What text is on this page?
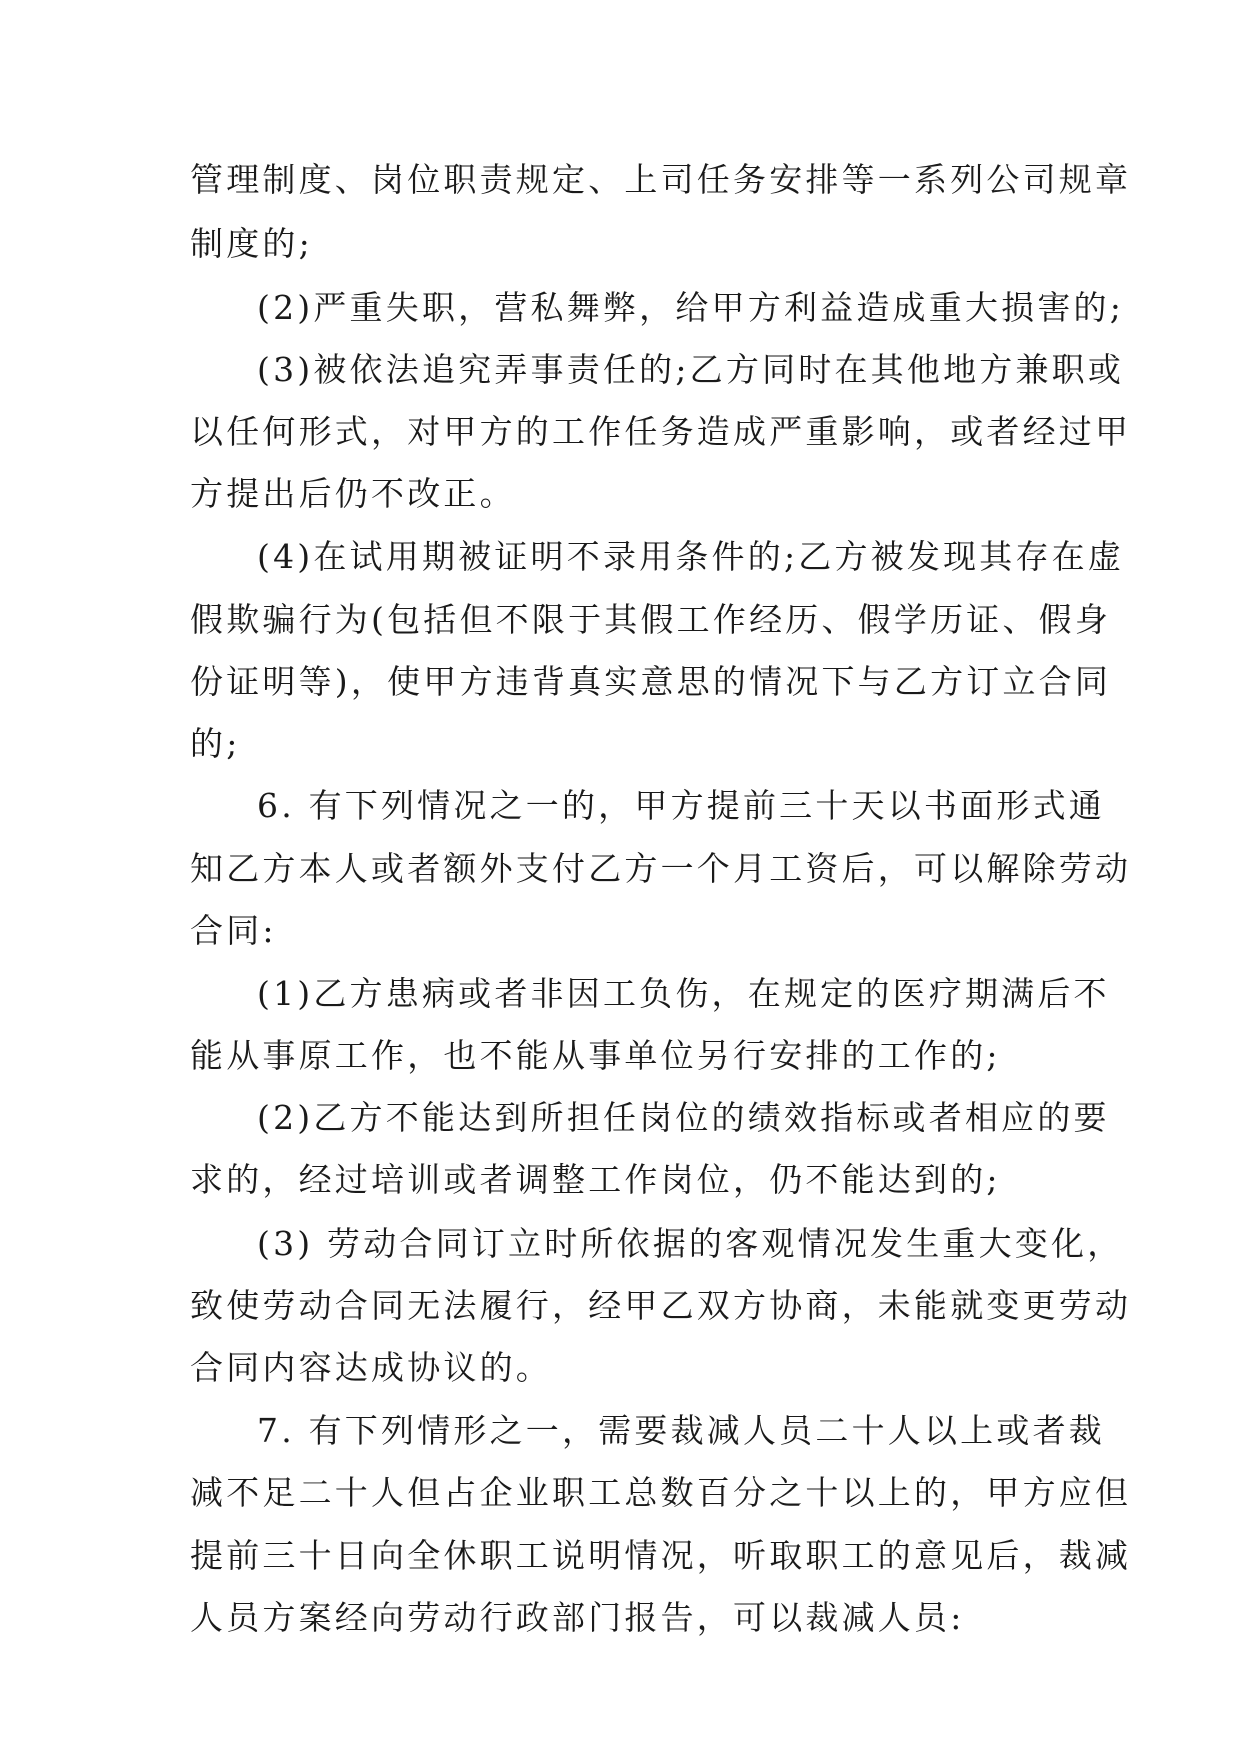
管理制度、岗位职责规定、上司任务安排等一系列公司规章
制度的;
(2)严重失职，营私舞弊，给甲方利益造成重大损害的;
(3)被依法追究弄事责任的;乙方同时在其他地方兼职或
以任何形式，对甲方的工作任务造成严重影响，或者经过甲
方提出后仍不改正。
(4)在试用期被证明不录用条件的;乙方被发现其存在虚
假欺骗行为(包括但不限于其假工作经历、假学历证、假身
份证明等)，使甲方违背真实意思的情况下与乙方订立合同
的;
6. 有下列情况之一的，甲方提前三十天以书面形式通
知乙方本人或者额外支付乙方一个月工资后，可以解除劳动
合同:
(1)乙方患病或者非因工负伤，在规定的医疗期满后不
能从事原工作，也不能从事单位另行安排的工作的;
(2)乙方不能达到所担任岗位的绩效指标或者相应的要
求的，经过培训或者调整工作岗位，仍不能达到的;
(3) 劳动合同订立时所依据的客观情况发生重大变化，
致使劳动合同无法履行，经甲乙双方协商，未能就变更劳动
合同内容达成协议的。
7. 有下列情形之一，需要裁减人员二十人以上或者裁
减不足二十人但占企业职工总数百分之十以上的，甲方应但
提前三十日向全休职工说明情况，听取职工的意见后，裁减
人员方案经向劳动行政部门报告，可以裁减人员:
